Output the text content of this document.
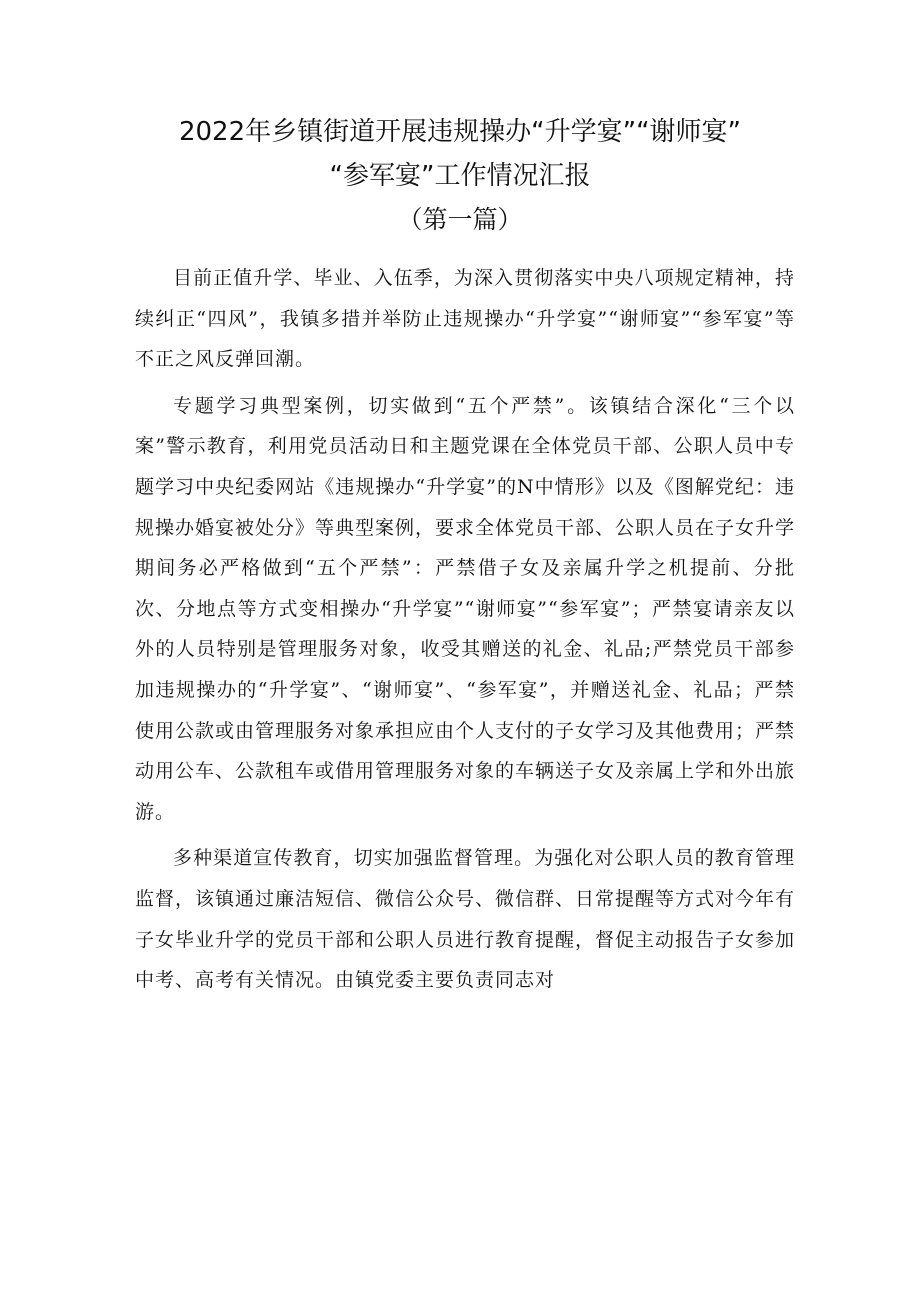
2022年乡镇街道开展违规操办“升学宴”“谢师宴”

“参军宴”工作情况汇报

（第一篇）

目前正值升学、毕业、入伍季，为深入贯彻落实中央八项规定精神，持续纠正“四风”，我镇多措并举防止违规操办“升学宴”“谢师宴”“参军宴”等不正之风反弹回潮。

专题学习典型案例，切实做到“五个严禁”。该镇结合深化“三个以案”警示教育，利用党员活动日和主题党课在全体党员干部、公职人员中专题学习中央纪委网站《违规操办“升学宴”的N中情形》以及《图解党纪：违规操办婚宴被处分》等典型案例，要求全体党员干部、公职人员在子女升学期间务必严格做到“五个严禁”：严禁借子女及亲属升学之机提前、分批次、分地点等方式变相操办“升学宴”“谢师宴”“参军宴”；严禁宴请亲友以外的人员特别是管理服务对象，收受其赠送的礼金、礼品;严禁党员干部参加违规操办的“升学宴”、“谢师宴”、“参军宴”，并赠送礼金、礼品；严禁使用公款或由管理服务对象承担应由个人支付的子女学习及其他费用；严禁动用公车、公款租车或借用管理服务对象的车辆送子女及亲属上学和外出旅游。

多种渠道宣传教育，切实加强监督管理。为强化对公职人员的教育管理监督，该镇通过廉洁短信、微信公众号、微信群、日常提醒等方式对今年有子女毕业升学的党员干部和公职人员进行教育提醒，督促主动报告子女参加中考、高考有关情况。由镇党委主要负责同志对
